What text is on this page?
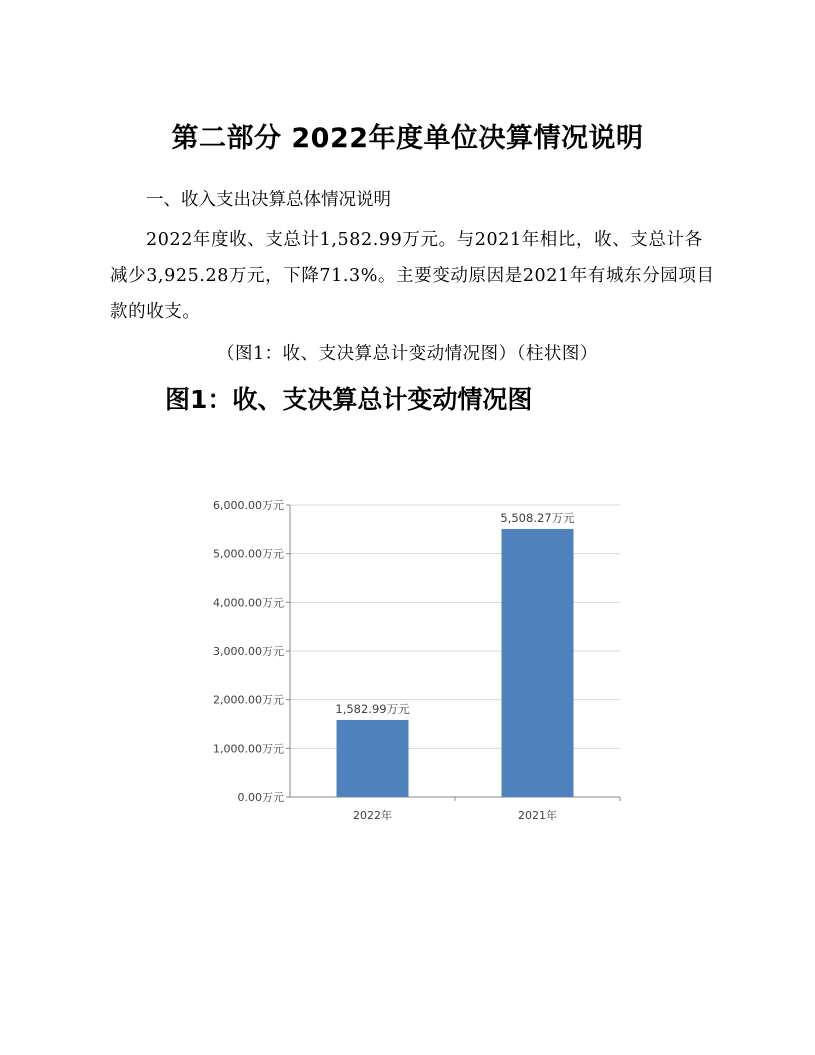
第二部分 2022年度单位决算情况说明
一、收入支出决算总体情况说明
2022年度收、支总计1,582.99万元。与2021年相比，收、支总计各减少3,925.28万元，下降71.3%。主要变动原因是2021年有城东分园项目款的收支。
（图1：收、支决算总计变动情况图）（柱状图）
图1：收、支决算总计变动情况图
0.00万元
1,000.00万元
2,000.00万元
3,000.00万元
4,000.00万元
5,000.00万元
6,000.00万元
1,582.99万元
2022年
5,508.27万元
2021年
